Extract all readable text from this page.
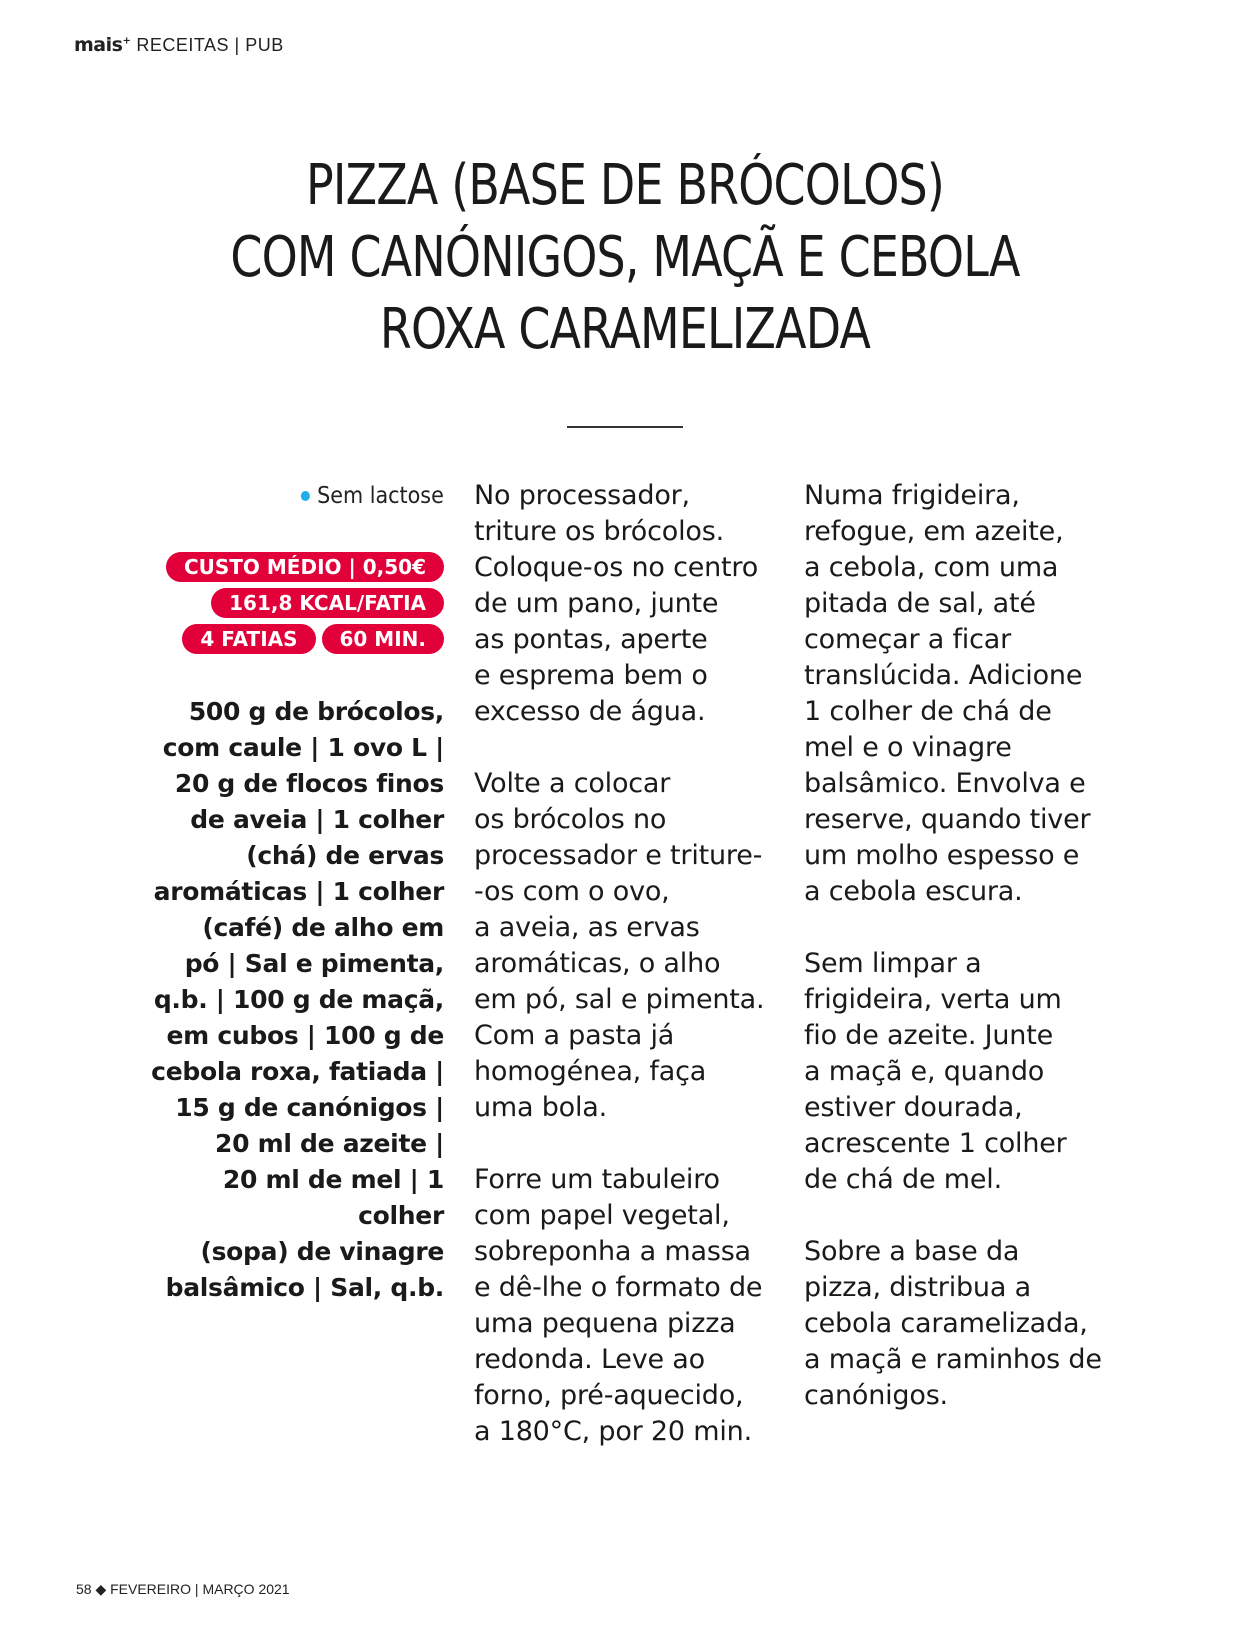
mais+ RECEITAS | PUB
PIZZA (BASE DE BRÓCOLOS)
COM CANÓNIGOS, MAÇÃ E CEBOLA
ROXA CARAMELIZADA
Sem lactose
CUSTO MÉDIO | 0,50€
161,8 KCAL/FATIA
4 FATIAS	60 MIN.
500 g de brócolos,
com caule | 1 ovo L |
20 g de flocos finos
de aveia | 1 colher
(chá) de ervas
aromáticas | 1 colher
(café) de alho em
pó | Sal e pimenta,
q.b. | 100 g de maçã,
em cubos | 100 g de
cebola roxa, fatiada |
15 g de canónigos |
20 ml de azeite |
20 ml de mel | 1 colher
(sopa) de vinagre
balsâmico | Sal, q.b.

No processador,
triture os brócolos.
Coloque-os no centro
de um pano, junte
as pontas, aperte
e esprema bem o
excesso de água.

Volte a colocar
os brócolos no
processador e triture-
-os com o ovo,
a aveia, as ervas
aromáticas, o alho
em pó, sal e pimenta.
Com a pasta já
homogénea, faça
uma bola.

Forre um tabuleiro
com papel vegetal,
sobreponha a massa
e dê-lhe o formato de
uma pequena pizza
redonda. Leve ao
forno, pré-aquecido,
a 180°C, por 20 min.

Numa frigideira,
refogue, em azeite,
a cebola, com uma
pitada de sal, até
começar a ficar
translúcida. Adicione
1 colher de chá de
mel e o vinagre
balsâmico. Envolva e
reserve, quando tiver
um molho espesso e
a cebola escura.

Sem limpar a
frigideira, verta um
fio de azeite. Junte
a maçã e, quando
estiver dourada,
acrescente 1 colher
de chá de mel.

Sobre a base da
pizza, distribua a
cebola caramelizada,
a maçã e raminhos de
canónigos.

58 ◆ FEVEREIRO | MARÇO 2021
